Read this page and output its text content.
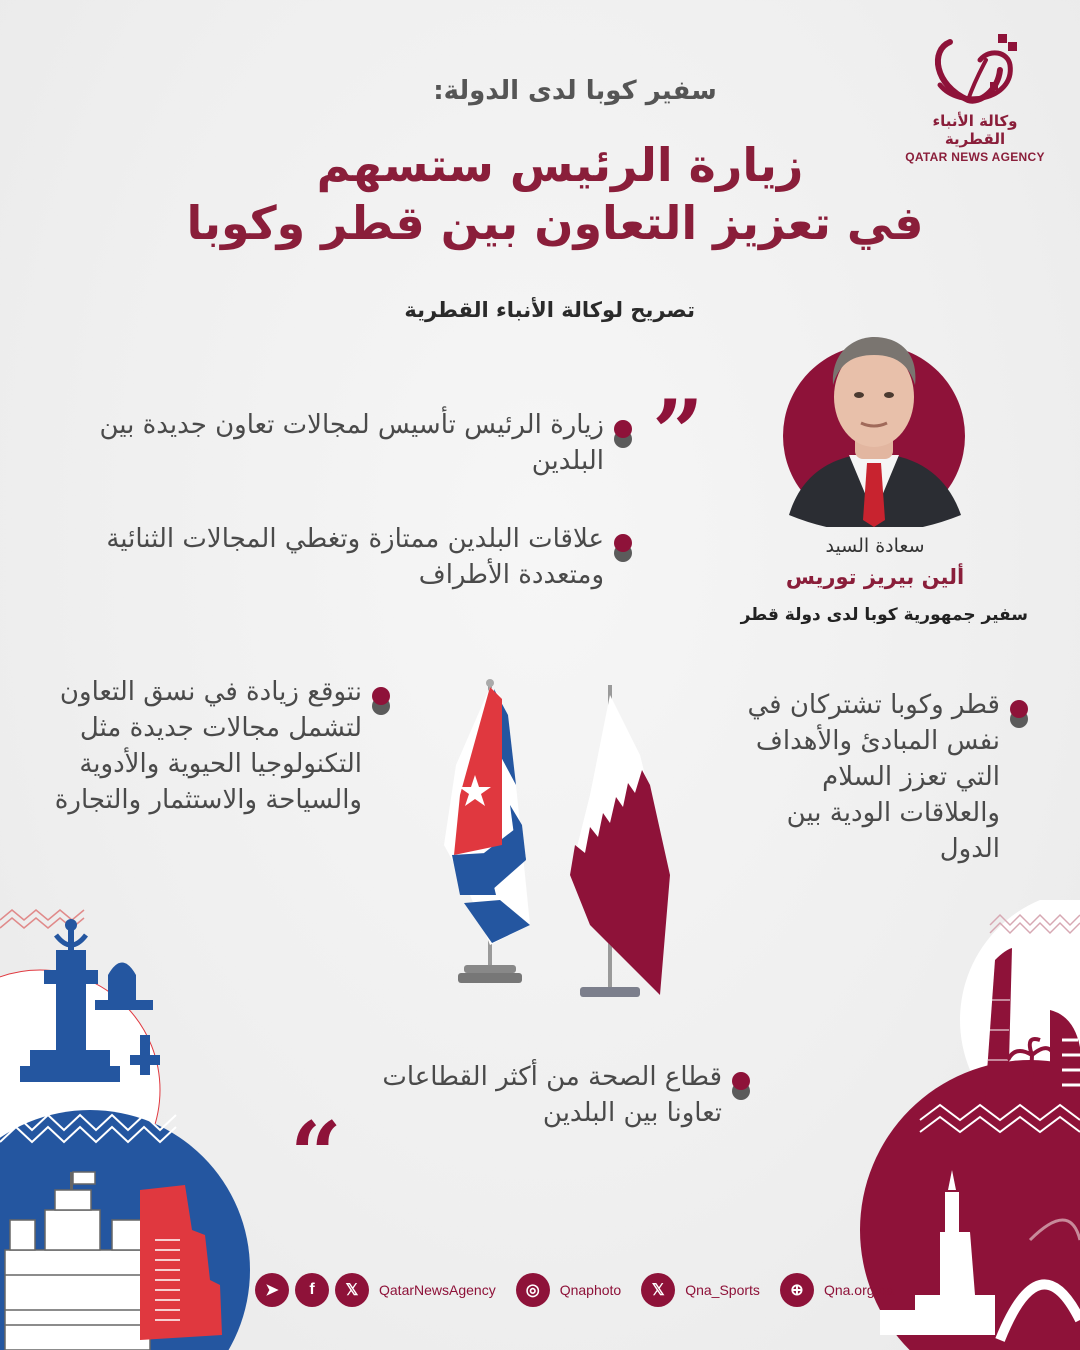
وكالة الأنباء القطرية
QATAR NEWS AGENCY
سفير كوبا لدى الدولة:
زيارة الرئيس ستسهم
في تعزيز التعاون بين قطر وكوبا
تصريح لوكالة الأنباء القطرية
سعادة السيد
ألين بيريز توريس
سفير جمهورية كوبا لدى دولة قطر
”
“
زيارة الرئيس تأسيس لمجالات تعاون جديدة بين البلدين
علاقات البلدين ممتازة وتغطي المجالات الثنائية ومتعددة الأطراف
نتوقع زيادة في نسق التعاون لتشمل مجالات جديدة مثل التكنولوجيا الحيوية والأدوية والسياحة والاستثمار والتجارة
قطر وكوبا تشتركان في نفس المبادئ والأهداف التي تعزز السلام والعلاقات الودية بين الدول
قطاع الصحة من أكثر القطاعات تعاونا بين البلدين
➤	f	𝕏	QatarNewsAgency	◎	Qnaphoto	𝕏	Qna_Sports	⊕	Qna.org.qa
